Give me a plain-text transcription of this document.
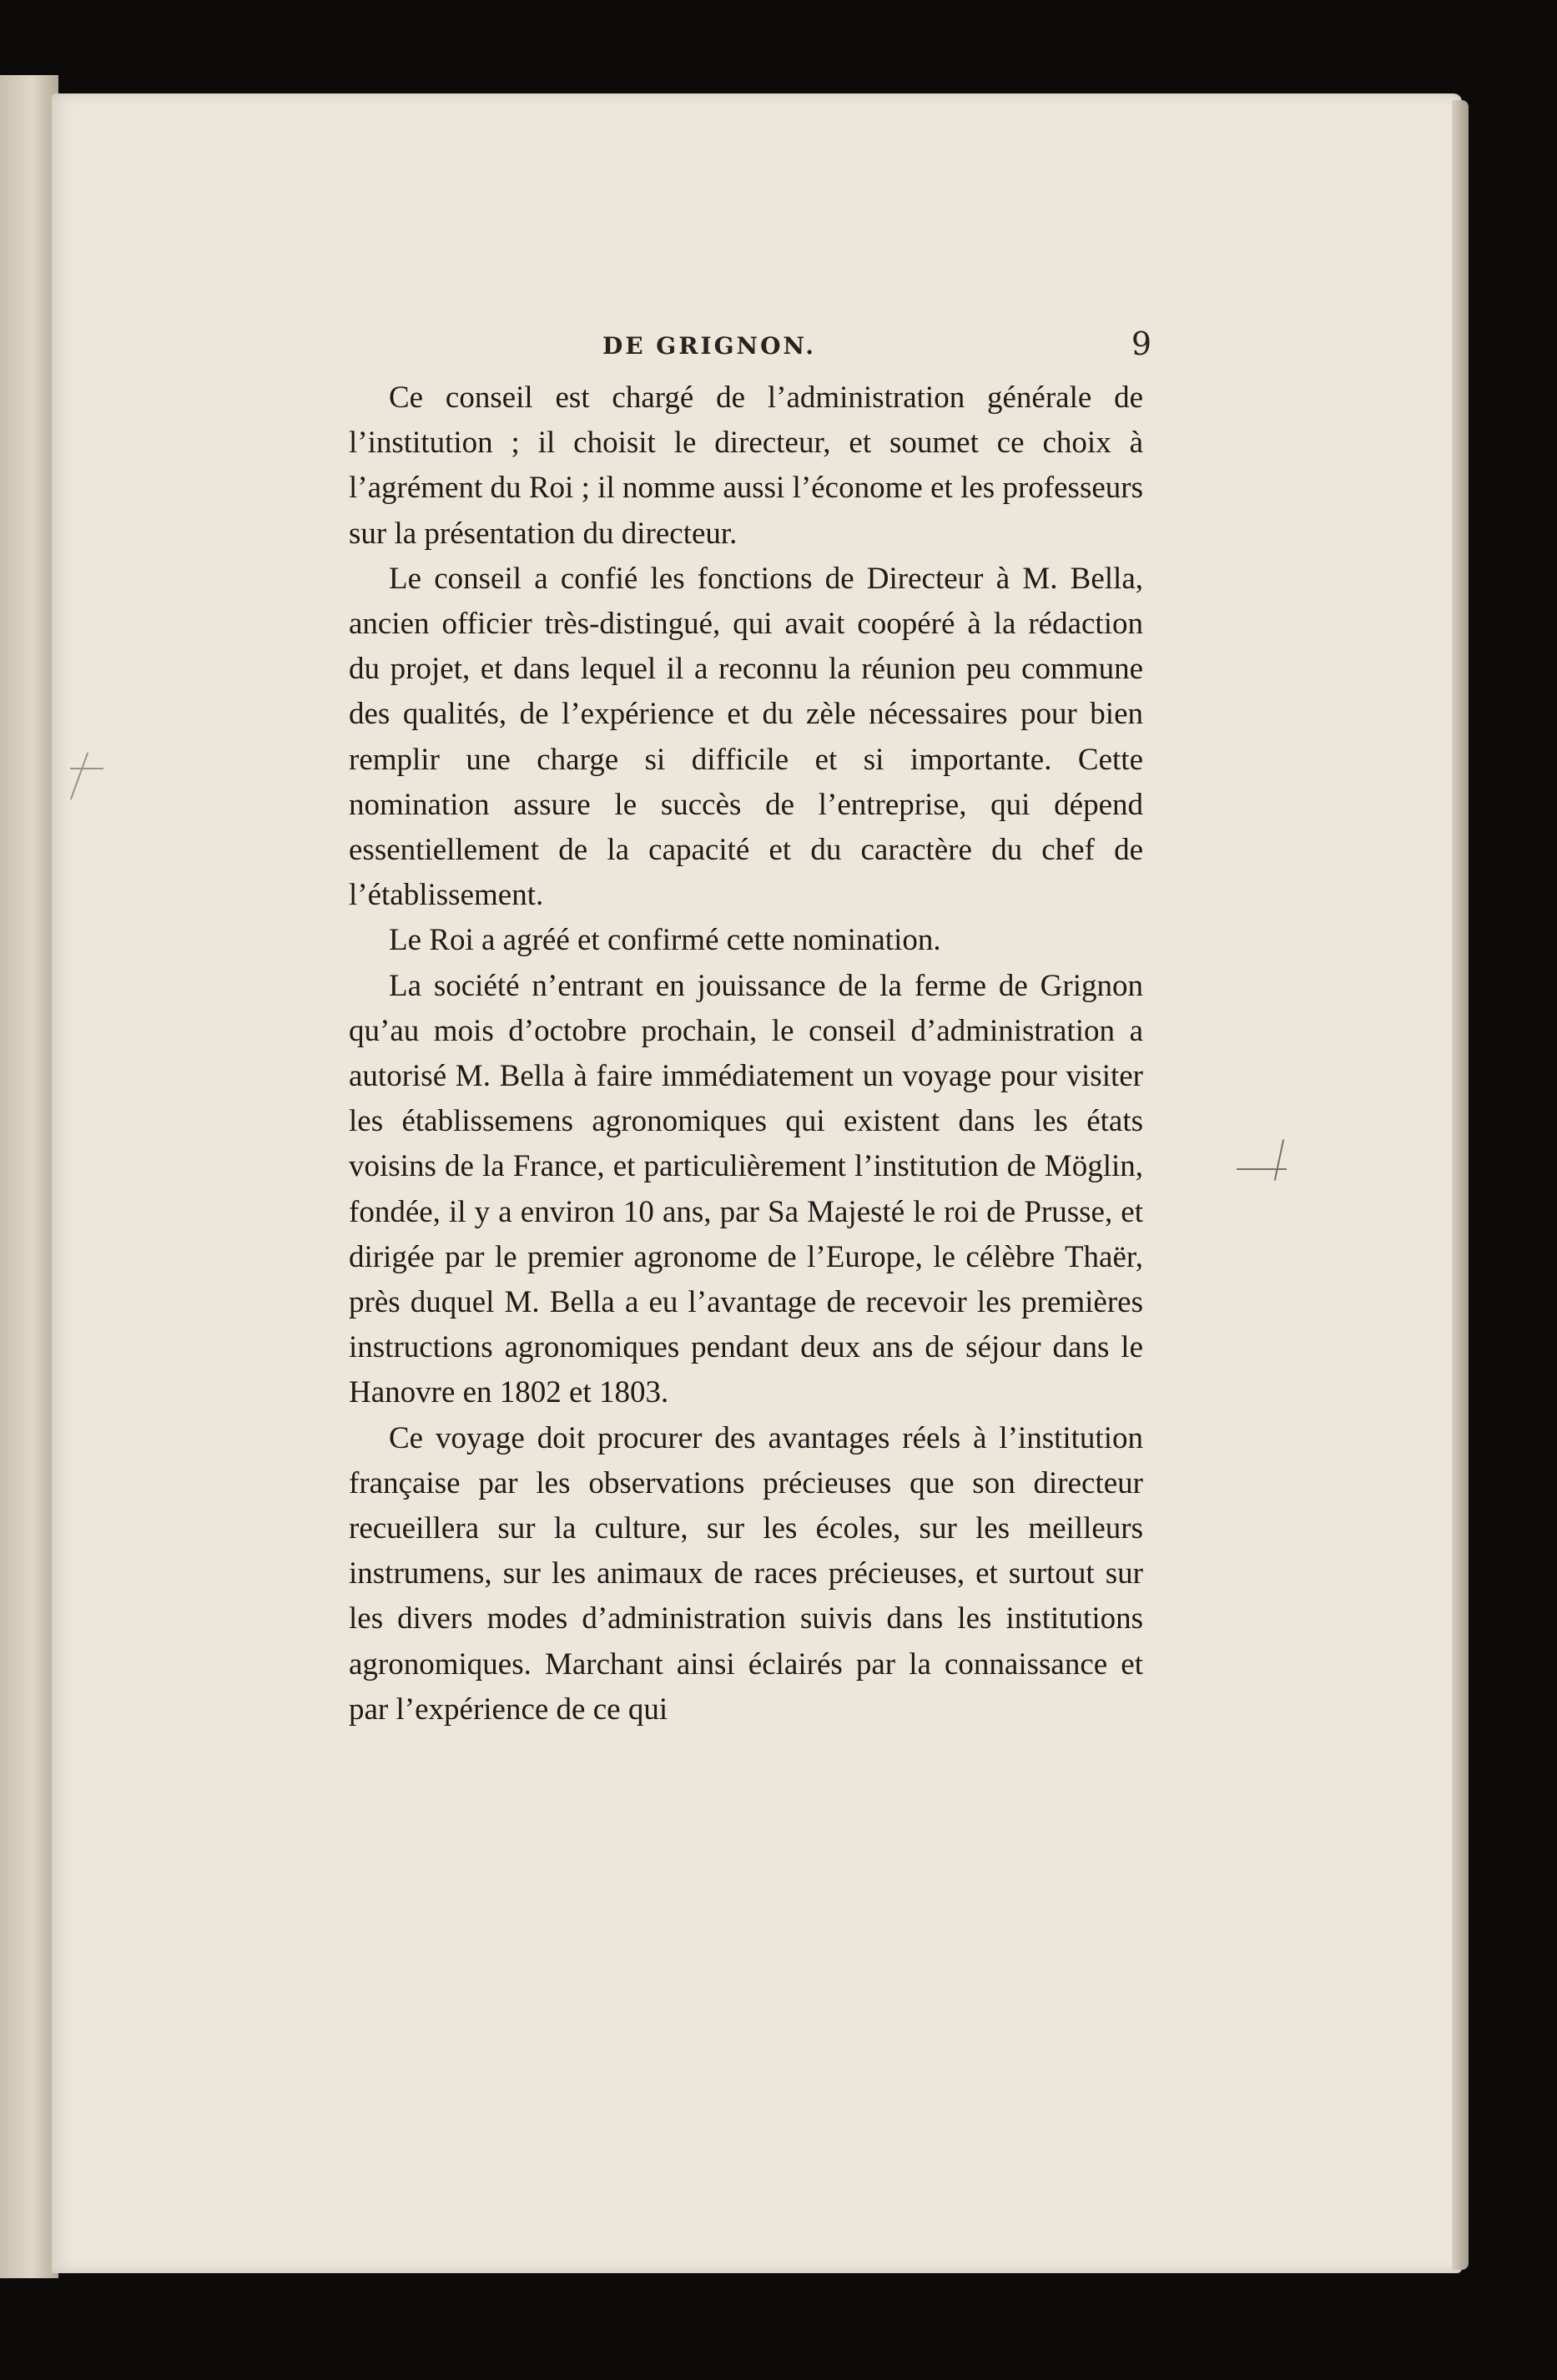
DE GRIGNON.	9

Ce conseil est chargé de l’administration générale de l’institution ; il choisit le directeur, et soumet ce choix à l’agrément du Roi ; il nomme aussi l’économe et les professeurs sur la présentation du directeur.

Le conseil a confié les fonctions de Directeur à M. Bella, ancien officier très-distingué, qui avait coopéré à la rédaction du projet, et dans lequel il a reconnu la réunion peu commune des qualités, de l’expérience et du zèle nécessaires pour bien remplir une charge si difficile et si importante. Cette nomination assure le succès de l’entreprise, qui dépend essentiellement de la capacité et du caractère du chef de l’établissement.

Le Roi a agréé et confirmé cette nomination.

La société n’entrant en jouissance de la ferme de Grignon qu’au mois d’octobre prochain, le conseil d’administration a autorisé M. Bella à faire immédiatement un voyage pour visiter les établissemens agronomiques qui existent dans les états voisins de la France, et particulièrement l’institution de Möglin, fondée, il y a environ 10 ans, par Sa Majesté le roi de Prusse, et dirigée par le premier agronome de l’Europe, le célèbre Thaër, près duquel M. Bella a eu l’avantage de recevoir les premières instructions agronomiques pendant deux ans de séjour dans le Hanovre en 1802 et 1803.

Ce voyage doit procurer des avantages réels à l’institution française par les observations précieuses que son directeur recueillera sur la culture, sur les écoles, sur les meilleurs instrumens, sur les animaux de races précieuses, et surtout sur les divers modes d’administration suivis dans les institutions agronomiques. Marchant ainsi éclairés par la connaissance et par l’expérience de ce qui
